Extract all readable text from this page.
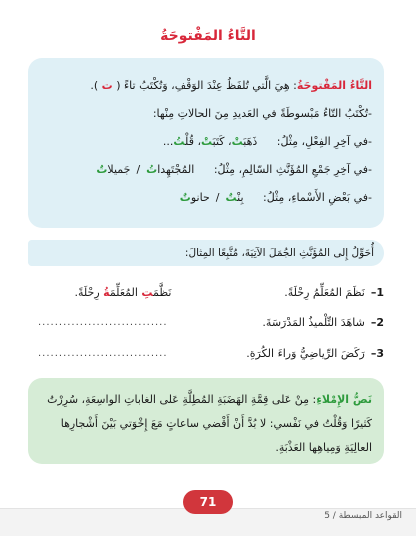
التَّاءُ المَفْتوحَةُ
التَّاءُ المَفْتوحَةُ: هِيَ الَّتي تُلفَظُ عِنْدَ الوَقْفِ، وَتُكْتَبُ تاءً ( ت ).
-تُكْتَبُ التّاءُ مَبْسوطَةً في العَديدِ مِنَ الحالاتِ مِنْها:
-في آخِرِ الفِعْلِ، مِثْلُ: ذَهَبَتْ، كَتَبَتْ، قُلْتُ...
-في آخِرِ جَمْعِ المُؤَنَّثِ السّالِمِ، مِثْلُ: المُجْتَهِداتُ/جَميلاتٌ
-في بَعْضِ الأَسْماءِ، مِثْلُ: بِنْتٌ/حانوتٌ
أُحَوِّلُ إِلى المُؤَنَّثِ الجُمَلَ الآتِيَةَ، مُتَّبِعًا المِثالَ:
1–نَظَمَ المُعَلِّمُ رِحْلَةً.
نَظَّمَتِ المُعَلِّمَةُ رِحْلَةً.
2–شاهَدَ التِّلْميذُ المَدْرَسَةَ.
...............................
3–رَكَضَ الرِّياضِيُّ وَراءَ الكُرَةِ.
...............................
نَصُّ الإِمْلاءِ: مِنْ عَلى قِمَّةِ الهَضَبَةِ المُطِلَّةِ عَلى الغاباتِ الواسِعَةِ، سُرِرْتُ
كَثيرًا وَقُلْتُ في نَفْسي: لا بُدَّ أَنْ أَقْضي ساعاتٍ مَعَ إِخْوَتي بَيْنَ أَشْجارِها
العالِيَةِ وَمِياهِها العَذْبَةِ.
71
القواعد المبسطة / 5
